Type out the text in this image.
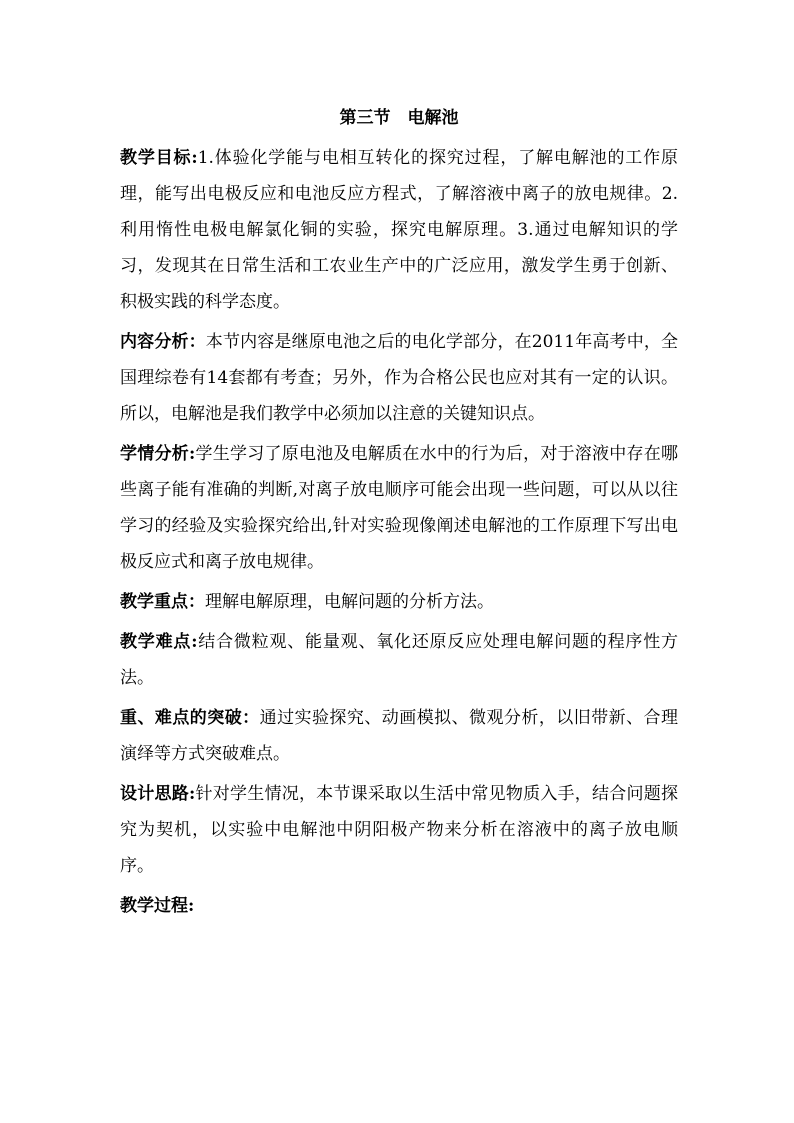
第三节　电解池

教学目标:1.体验化学能与电相互转化的探究过程，了解电解池的工作原理，能写出电极反应和电池反应方程式，了解溶液中离子的放电规律。2.利用惰性电极电解氯化铜的实验，探究电解原理。3.通过电解知识的学习，发现其在日常生活和工农业生产中的广泛应用，激发学生勇于创新、积极实践的科学态度。

内容分析：本节内容是继原电池之后的电化学部分，在2011年高考中，全国理综卷有14套都有考查；另外，作为合格公民也应对其有一定的认识。所以，电解池是我们教学中必须加以注意的关键知识点。

学情分析:学生学习了原电池及电解质在水中的行为后，对于溶液中存在哪些离子能有准确的判断,对离子放电顺序可能会出现一些问题，可以从以往学习的经验及实验探究给出,针对实验现像阐述电解池的工作原理下写出电极反应式和离子放电规律。

教学重点：理解电解原理，电解问题的分析方法。

教学难点:结合微粒观、能量观、氧化还原反应处理电解问题的程序性方法。

重、难点的突破：通过实验探究、动画模拟、微观分析，以旧带新、合理演绎等方式突破难点。

设计思路:针对学生情况，本节课采取以生活中常见物质入手，结合问题探究为契机，以实验中电解池中阴阳极产物来分析在溶液中的离子放电顺序。

教学过程:
